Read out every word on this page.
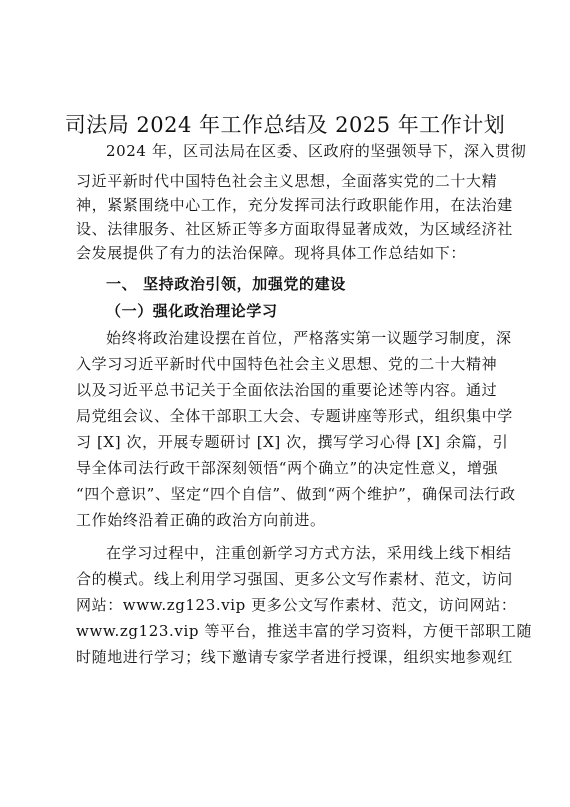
司法局 2024 年工作总结及 2025 年工作计划
2024 年，区司法局在区委、区政府的坚强领导下，深入贯彻
习近平新时代中国特色社会主义思想，全面落实党的二十大精
神，紧紧围绕中心工作，充分发挥司法行政职能作用，在法治建
设、法律服务、社区矫正等多方面取得显著成效，为区域经济社
会发展提供了有力的法治保障。现将具体工作总结如下：
一、 坚持政治引领，加强党的建设
（一）强化政治理论学习
始终将政治建设摆在首位，严格落实第一议题学习制度，深
入学习习近平新时代中国特色社会主义思想、党的二十大精神
以及习近平总书记关于全面依法治国的重要论述等内容。通过
局党组会议、全体干部职工大会、专题讲座等形式，组织集中学
习 [X] 次，开展专题研讨 [X] 次，撰写学习心得 [X] 余篇，引
导全体司法行政干部深刻领悟“两个确立”的决定性意义，增强
“四个意识”、坚定“四个自信”、做到“两个维护”，确保司法行政
工作始终沿着正确的政治方向前进。
在学习过程中，注重创新学习方式方法，采用线上线下相结
合的模式。线上利用学习强国、更多公文写作素材、范文，访问
网站：www.zg123.vip 更多公文写作素材、范文，访问网站：
www.zg123.vip 等平台，推送丰富的学习资料，方便干部职工随
时随地进行学习；线下邀请专家学者进行授课，组织实地参观红
